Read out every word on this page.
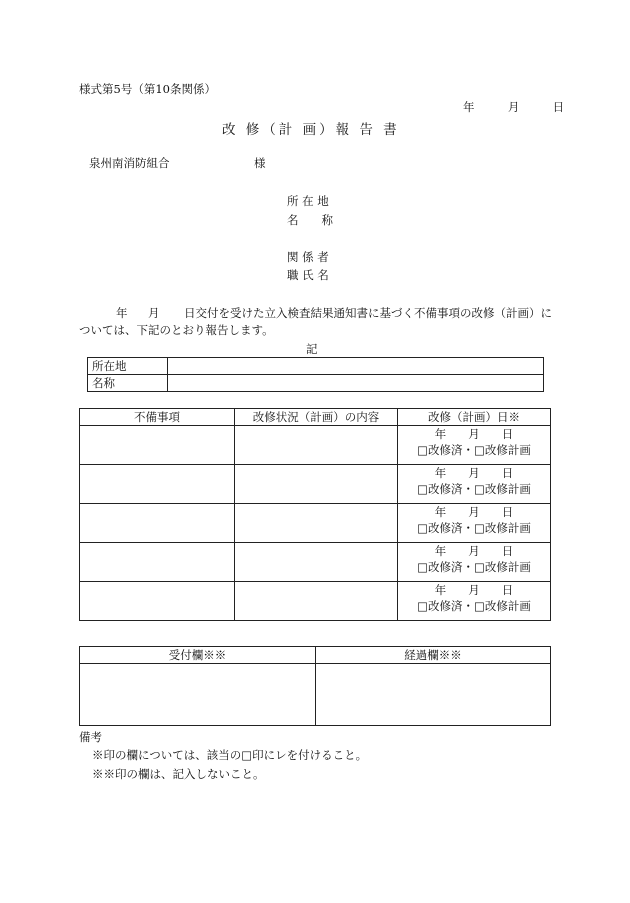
様式第5号（第10条関係）
年	月	日
改 修（計 画）報 告 書
泉州南消防組合	様
所 在 地
名　　称
関 係 者
職 氏 名
年 月 日交付を受けた立入検査結果通知書に基づく不備事項の改修（計画）に
ついては、下記のとおり報告します。
記
所在地	
名称	
不備事項	改修状況（計画）の内容	改修（計画）日※

		年 月 日
□改修済・□改修計画

		年 月 日
□改修済・□改修計画

		年 月 日
□改修済・□改修計画

		年 月 日
□改修済・□改修計画

		年 月 日
□改修済・□改修計画
受付欄※※	経過欄※※

備考
※印の欄については、該当の□印にレを付けること。
※※印の欄は、記入しないこと。
